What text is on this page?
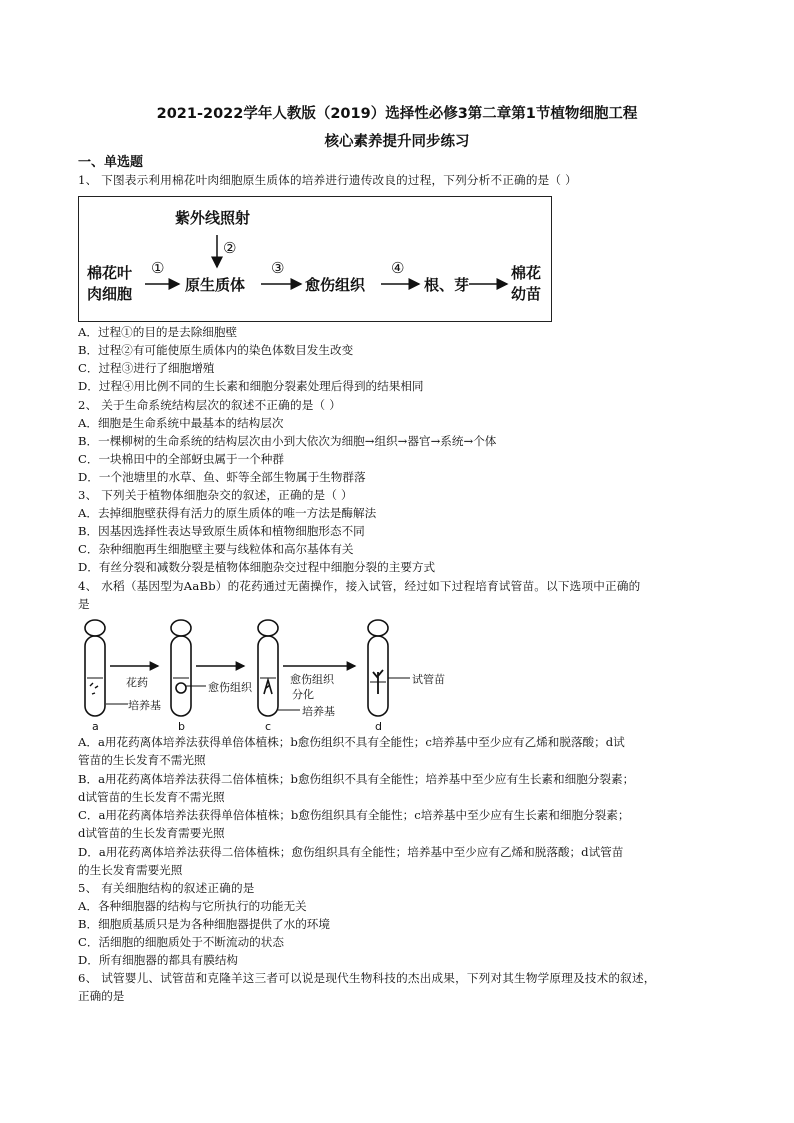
2021-2022学年人教版（2019）选择性必修3第二章第1节植物细胞工程
核心素养提升同步练习
一、单选题
1、 下图表示利用棉花叶肉细胞原生质体的培养进行遗传改良的过程，下列分析不正确的是（ ）
紫外线照射
②
棉花叶
肉细胞
①
原生质体
③
愈伤组织
④
根、芽
棉花
幼苗
A．过程①的目的是去除细胞壁
B．过程②有可能使原生质体内的染色体数目发生改变
C．过程③进行了细胞增殖
D．过程④用比例不同的生长素和细胞分裂素处理后得到的结果相同
2、 关于生命系统结构层次的叙述不正确的是（ ）
A．细胞是生命系统中最基本的结构层次
B．一棵柳树的生命系统的结构层次由小到大依次为细胞→组织→器官→系统→个体
C．一块棉田中的全部蚜虫属于一个种群
D．一个池塘里的水草、鱼、虾等全部生物属于生物群落
3、 下列关于植物体细胞杂交的叙述，正确的是（ ）
A．去掉细胞壁获得有活力的原生质体的唯一方法是酶解法
B．因基因选择性表达导致原生质体和植物细胞形态不同
C．杂种细胞再生细胞壁主要与线粒体和高尔基体有关
D．有丝分裂和减数分裂是植物体细胞杂交过程中细胞分裂的主要方式
4、 水稻（基因型为AaBb）的花药通过无菌操作，接入试管，经过如下过程培育试管苗。以下选项中正确的
是
花药
培养基
愈伤组织
愈伤组织
分化
培养基
试管苗
a	b	c	d
A．a用花药离体培养法获得单倍体植株；b愈伤组织不具有全能性；c培养基中至少应有乙烯和脱落酸；d试
管苗的生长发育不需光照
B．a用花药离体培养法获得二倍体植株；b愈伤组织不具有全能性；培养基中至少应有生长素和细胞分裂素；
d试管苗的生长发育不需光照
C．a用花药离体培养法获得单倍体植株；b愈伤组织具有全能性；c培养基中至少应有生长素和细胞分裂素；
d试管苗的生长发育需要光照
D．a用花药离体培养法获得二倍体植株；愈伤组织具有全能性；培养基中至少应有乙烯和脱落酸；d试管苗
的生长发育需要光照
5、 有关细胞结构的叙述正确的是
A．各种细胞器的结构与它所执行的功能无关
B．细胞质基质只是为各种细胞器提供了水的环境
C．活细胞的细胞质处于不断流动的状态
D．所有细胞器的都具有膜结构
6、 试管婴儿、试管苗和克隆羊这三者可以说是现代生物科技的杰出成果，下列对其生物学原理及技术的叙述，
正确的是
